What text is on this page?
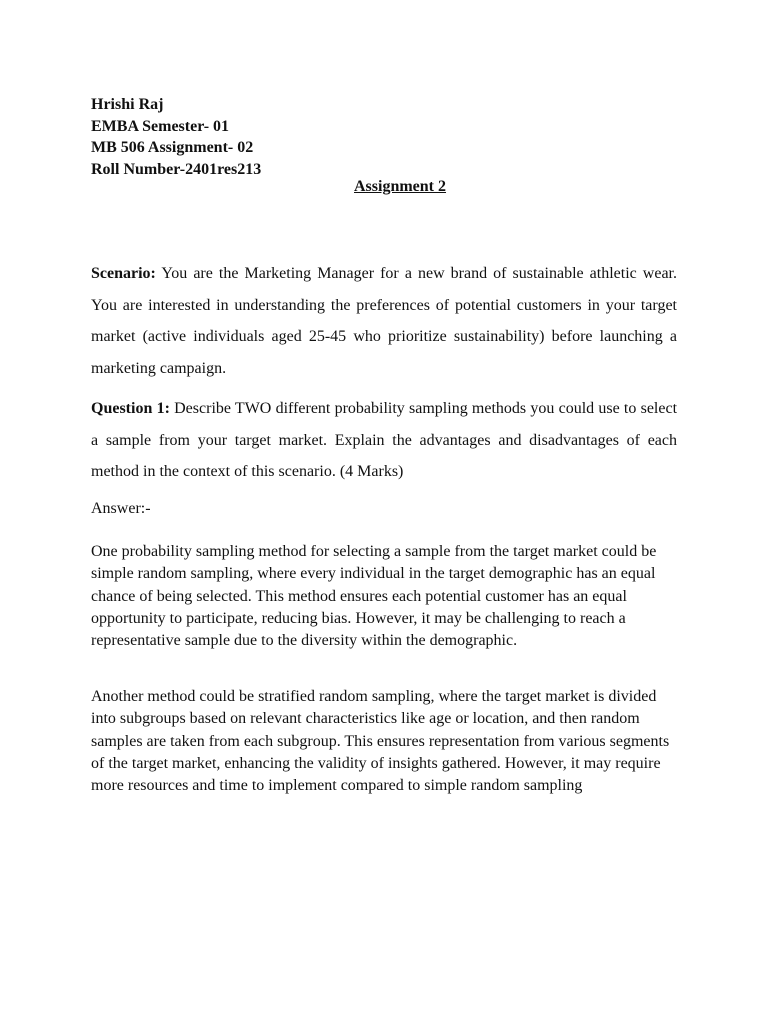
Hrishi Raj
EMBA Semester- 01
MB 506 Assignment- 02
Roll Number-2401res213
Assignment 2
Scenario: You are the Marketing Manager for a new brand of sustainable athletic wear. You are interested in understanding the preferences of potential customers in your target market (active individuals aged 25-45 who prioritize sustainability) before launching a marketing campaign.
Question 1: Describe TWO different probability sampling methods you could use to select a sample from your target market. Explain the advantages and disadvantages of each method in the context of this scenario. (4 Marks)
Answer:-
One probability sampling method for selecting a sample from the target market could be simple random sampling, where every individual in the target demographic has an equal chance of being selected. This method ensures each potential customer has an equal opportunity to participate, reducing bias. However, it may be challenging to reach a representative sample due to the diversity within the demographic.
Another method could be stratified random sampling, where the target market is divided into subgroups based on relevant characteristics like age or location, and then random samples are taken from each subgroup. This ensures representation from various segments of the target market, enhancing the validity of insights gathered. However, it may require more resources and time to implement compared to simple random sampling
